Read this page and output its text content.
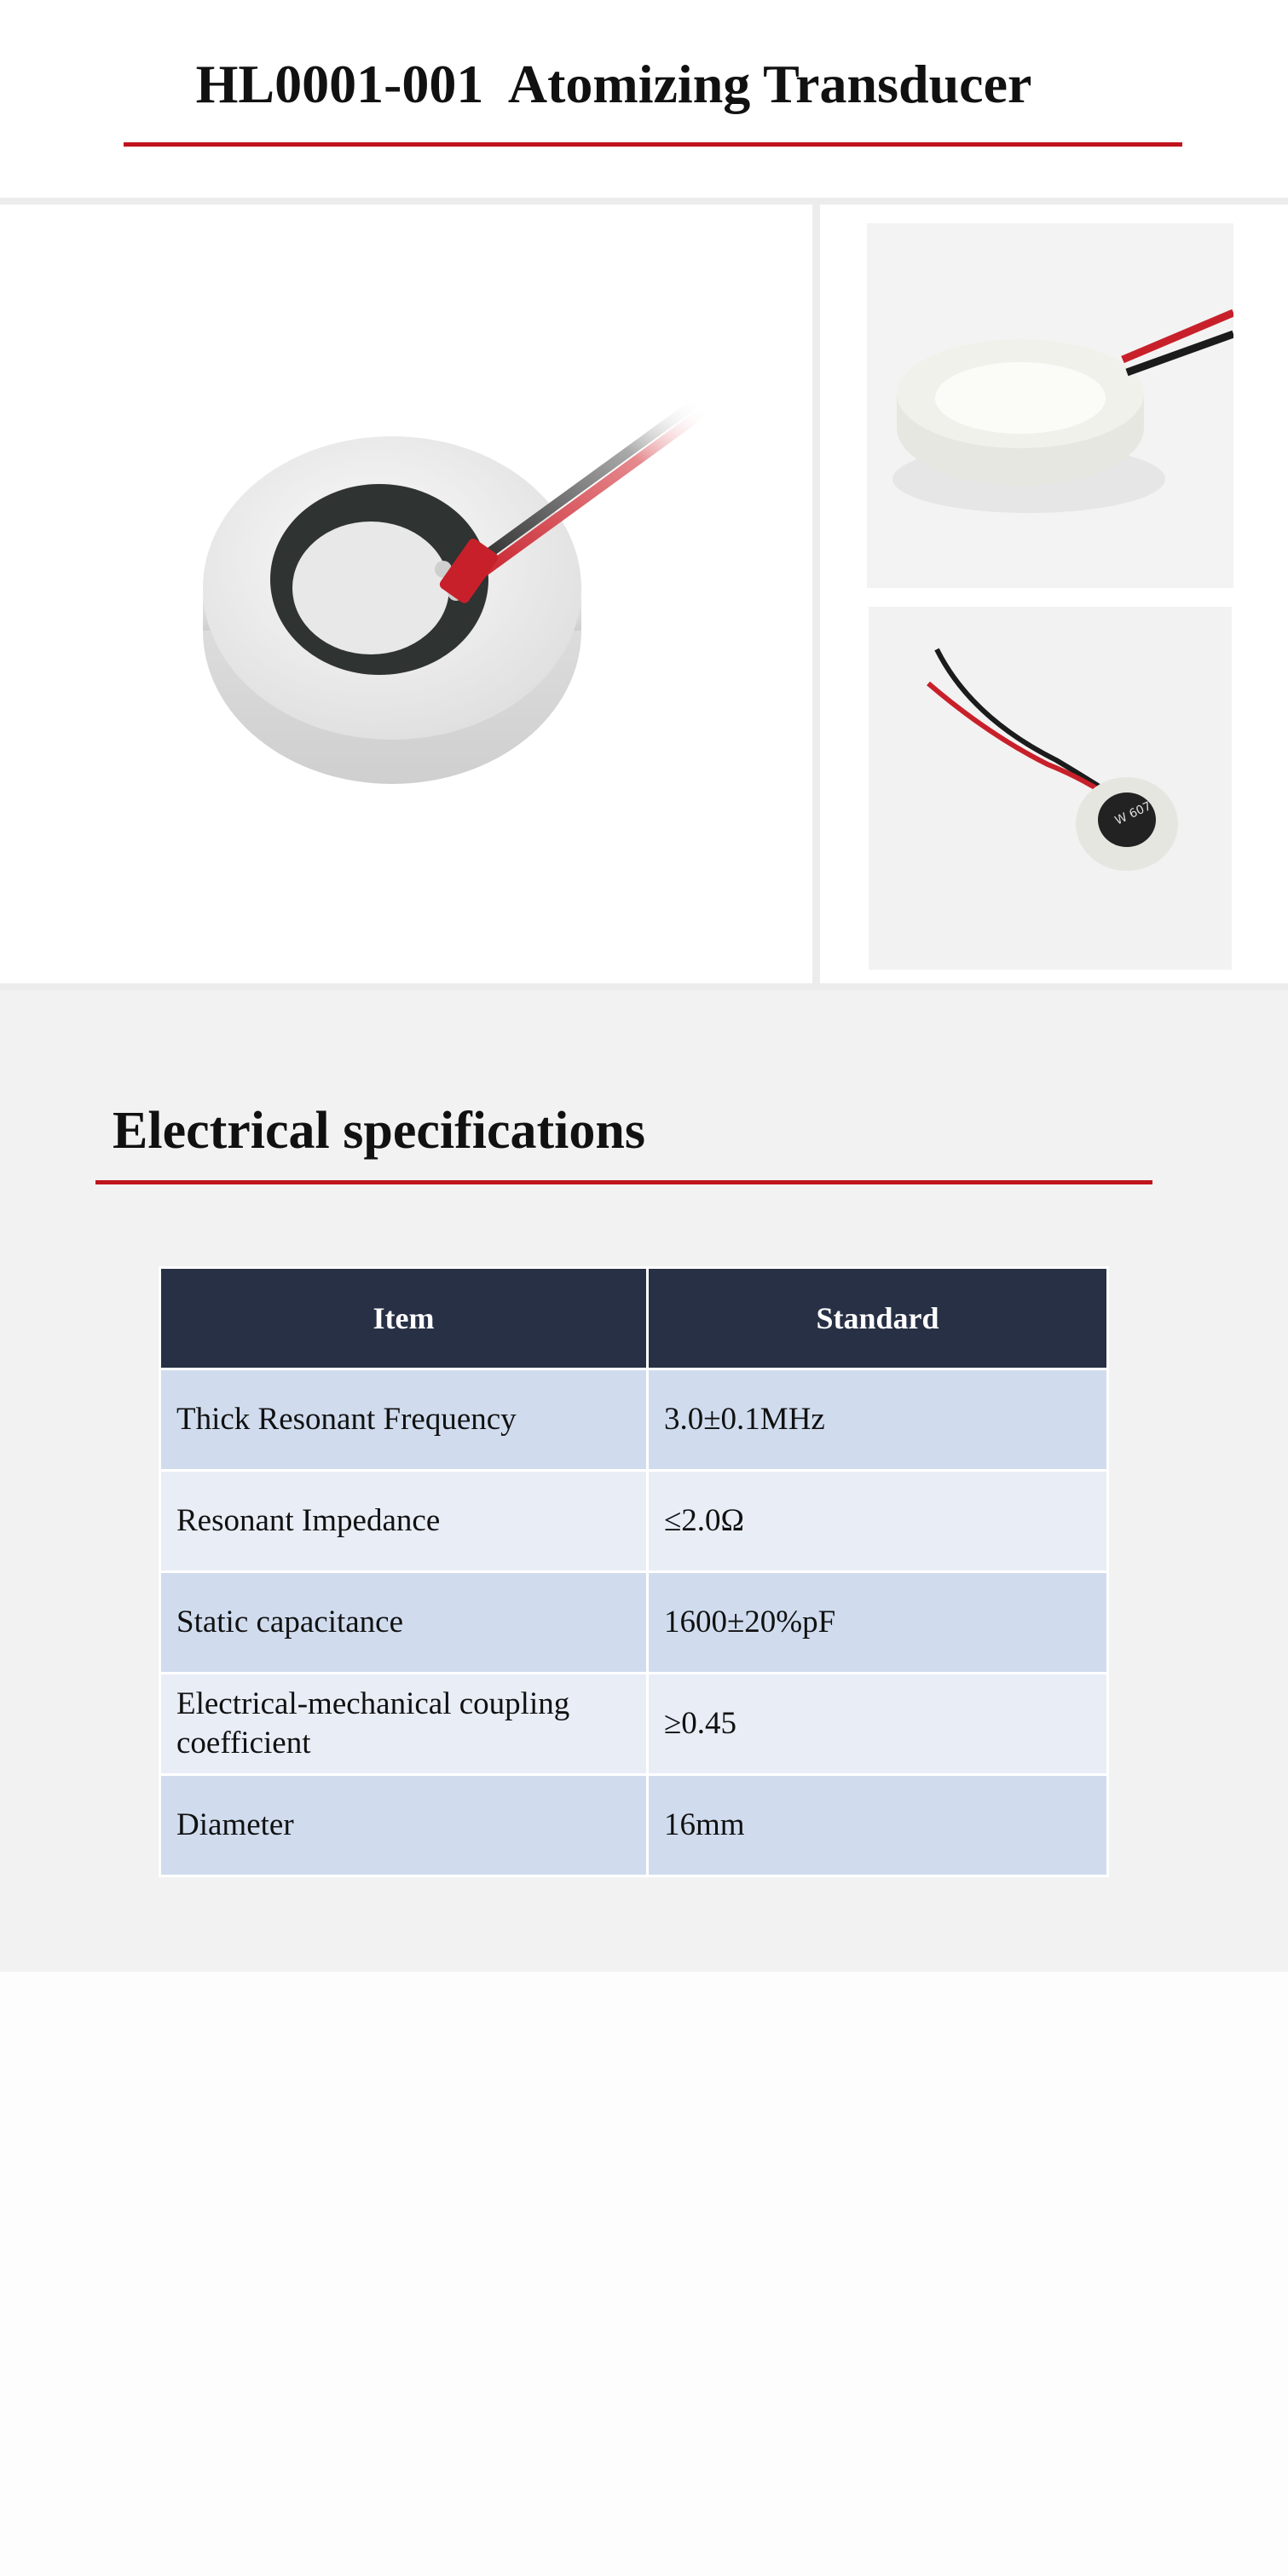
HL0001-001  Atomizing Transducer
W 607
Electrical specifications
Item	Standard
Thick Resonant Frequency	3.0±0.1MHz
Resonant Impedance	≤2.0Ω
Static capacitance	1600±20%pF
Electrical-mechanical coupling coefficient	≥0.45
Diameter	16mm
